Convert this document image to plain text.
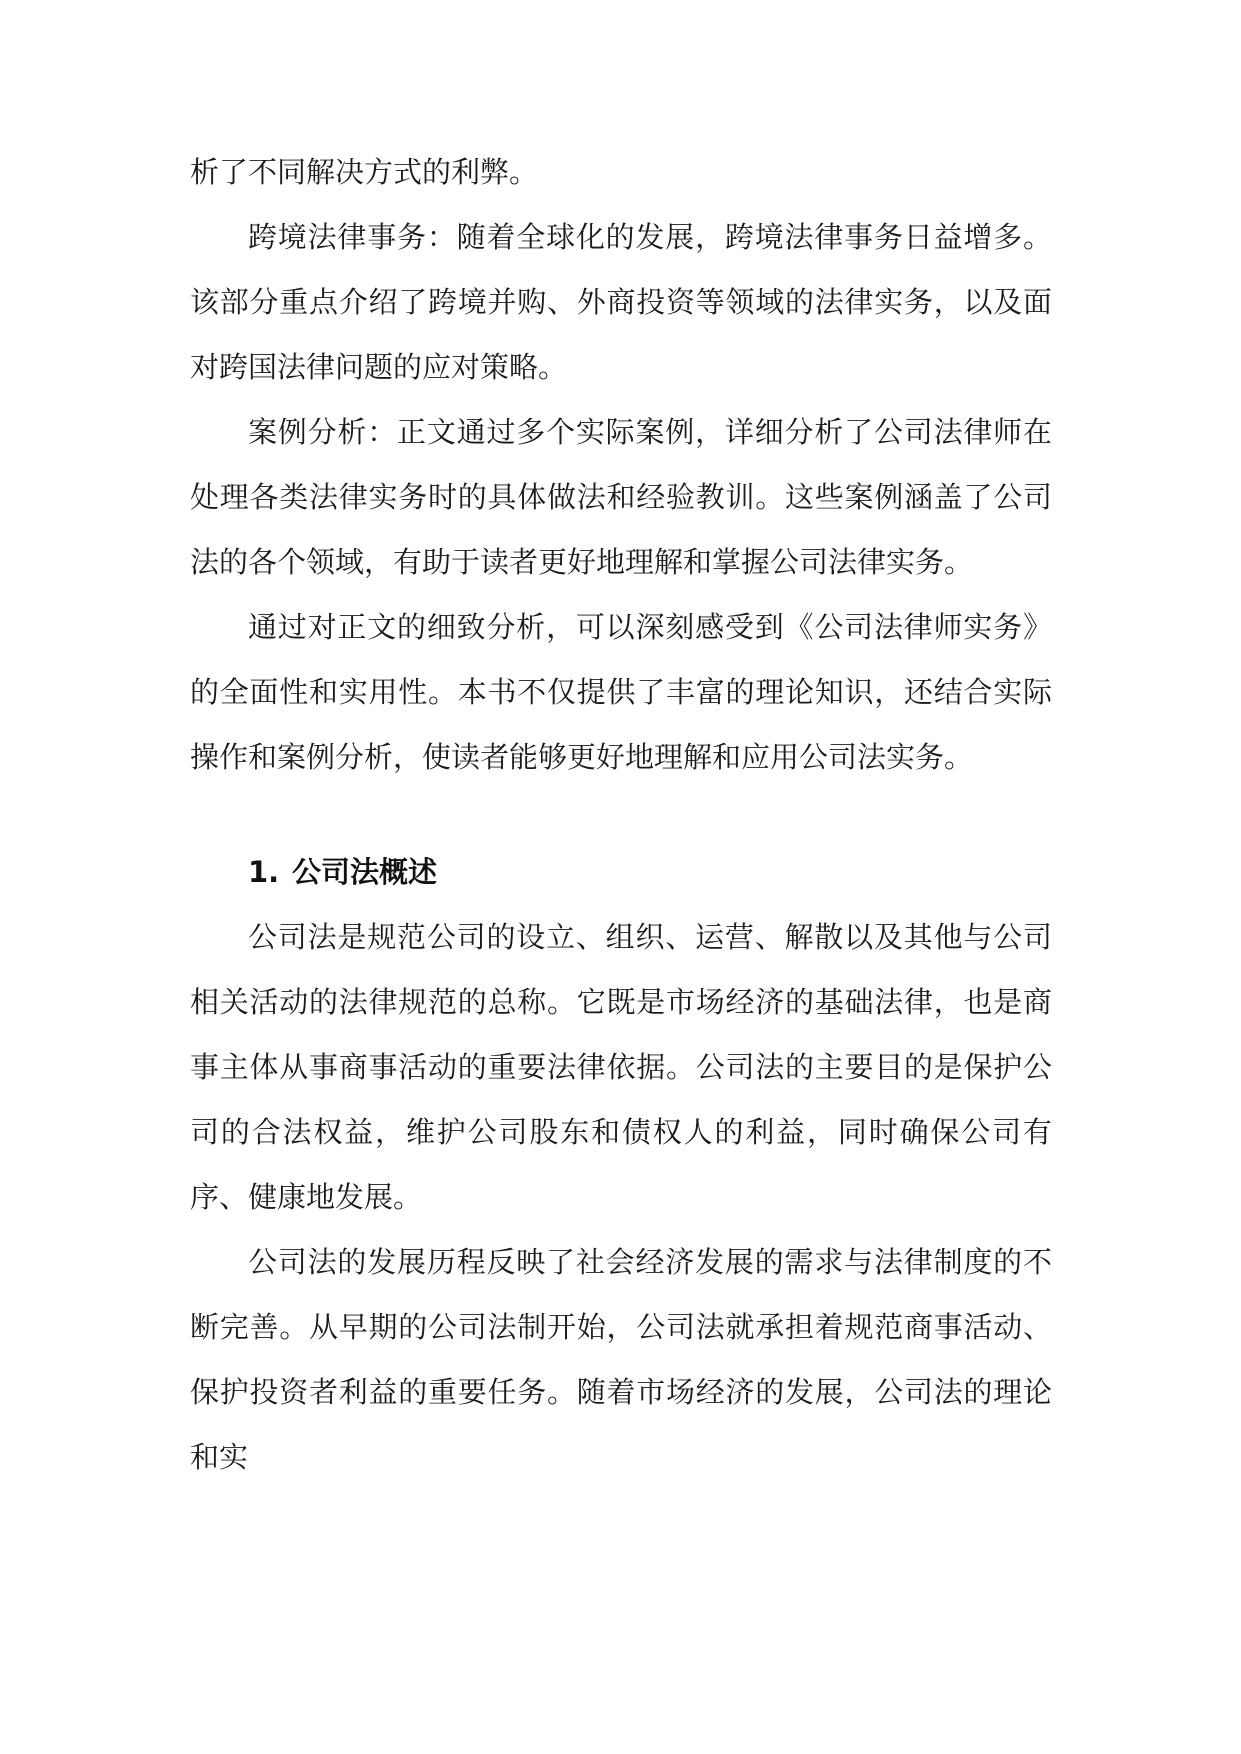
析了不同解决方式的利弊。

跨境法律事务：随着全球化的发展，跨境法律事务日益增多。该部分重点介绍了跨境并购、外商投资等领域的法律实务，以及面对跨国法律问题的应对策略。

案例分析：正文通过多个实际案例，详细分析了公司法律师在处理各类法律实务时的具体做法和经验教训。这些案例涵盖了公司法的各个领域，有助于读者更好地理解和掌握公司法律实务。

通过对正文的细致分析，可以深刻感受到《公司法律师实务》的全面性和实用性。本书不仅提供了丰富的理论知识，还结合实际操作和案例分析，使读者能够更好地理解和应用公司法实务。

1. 公司法概述

公司法是规范公司的设立、组织、运营、解散以及其他与公司相关活动的法律规范的总称。它既是市场经济的基础法律，也是商事主体从事商事活动的重要法律依据。公司法的主要目的是保护公司的合法权益，维护公司股东和债权人的利益，同时确保公司有序、健康地发展。

公司法的发展历程反映了社会经济发展的需求与法律制度的不断完善。从早期的公司法制开始，公司法就承担着规范商事活动、保护投资者利益的重要任务。随着市场经济的发展，公司法的理论和实
